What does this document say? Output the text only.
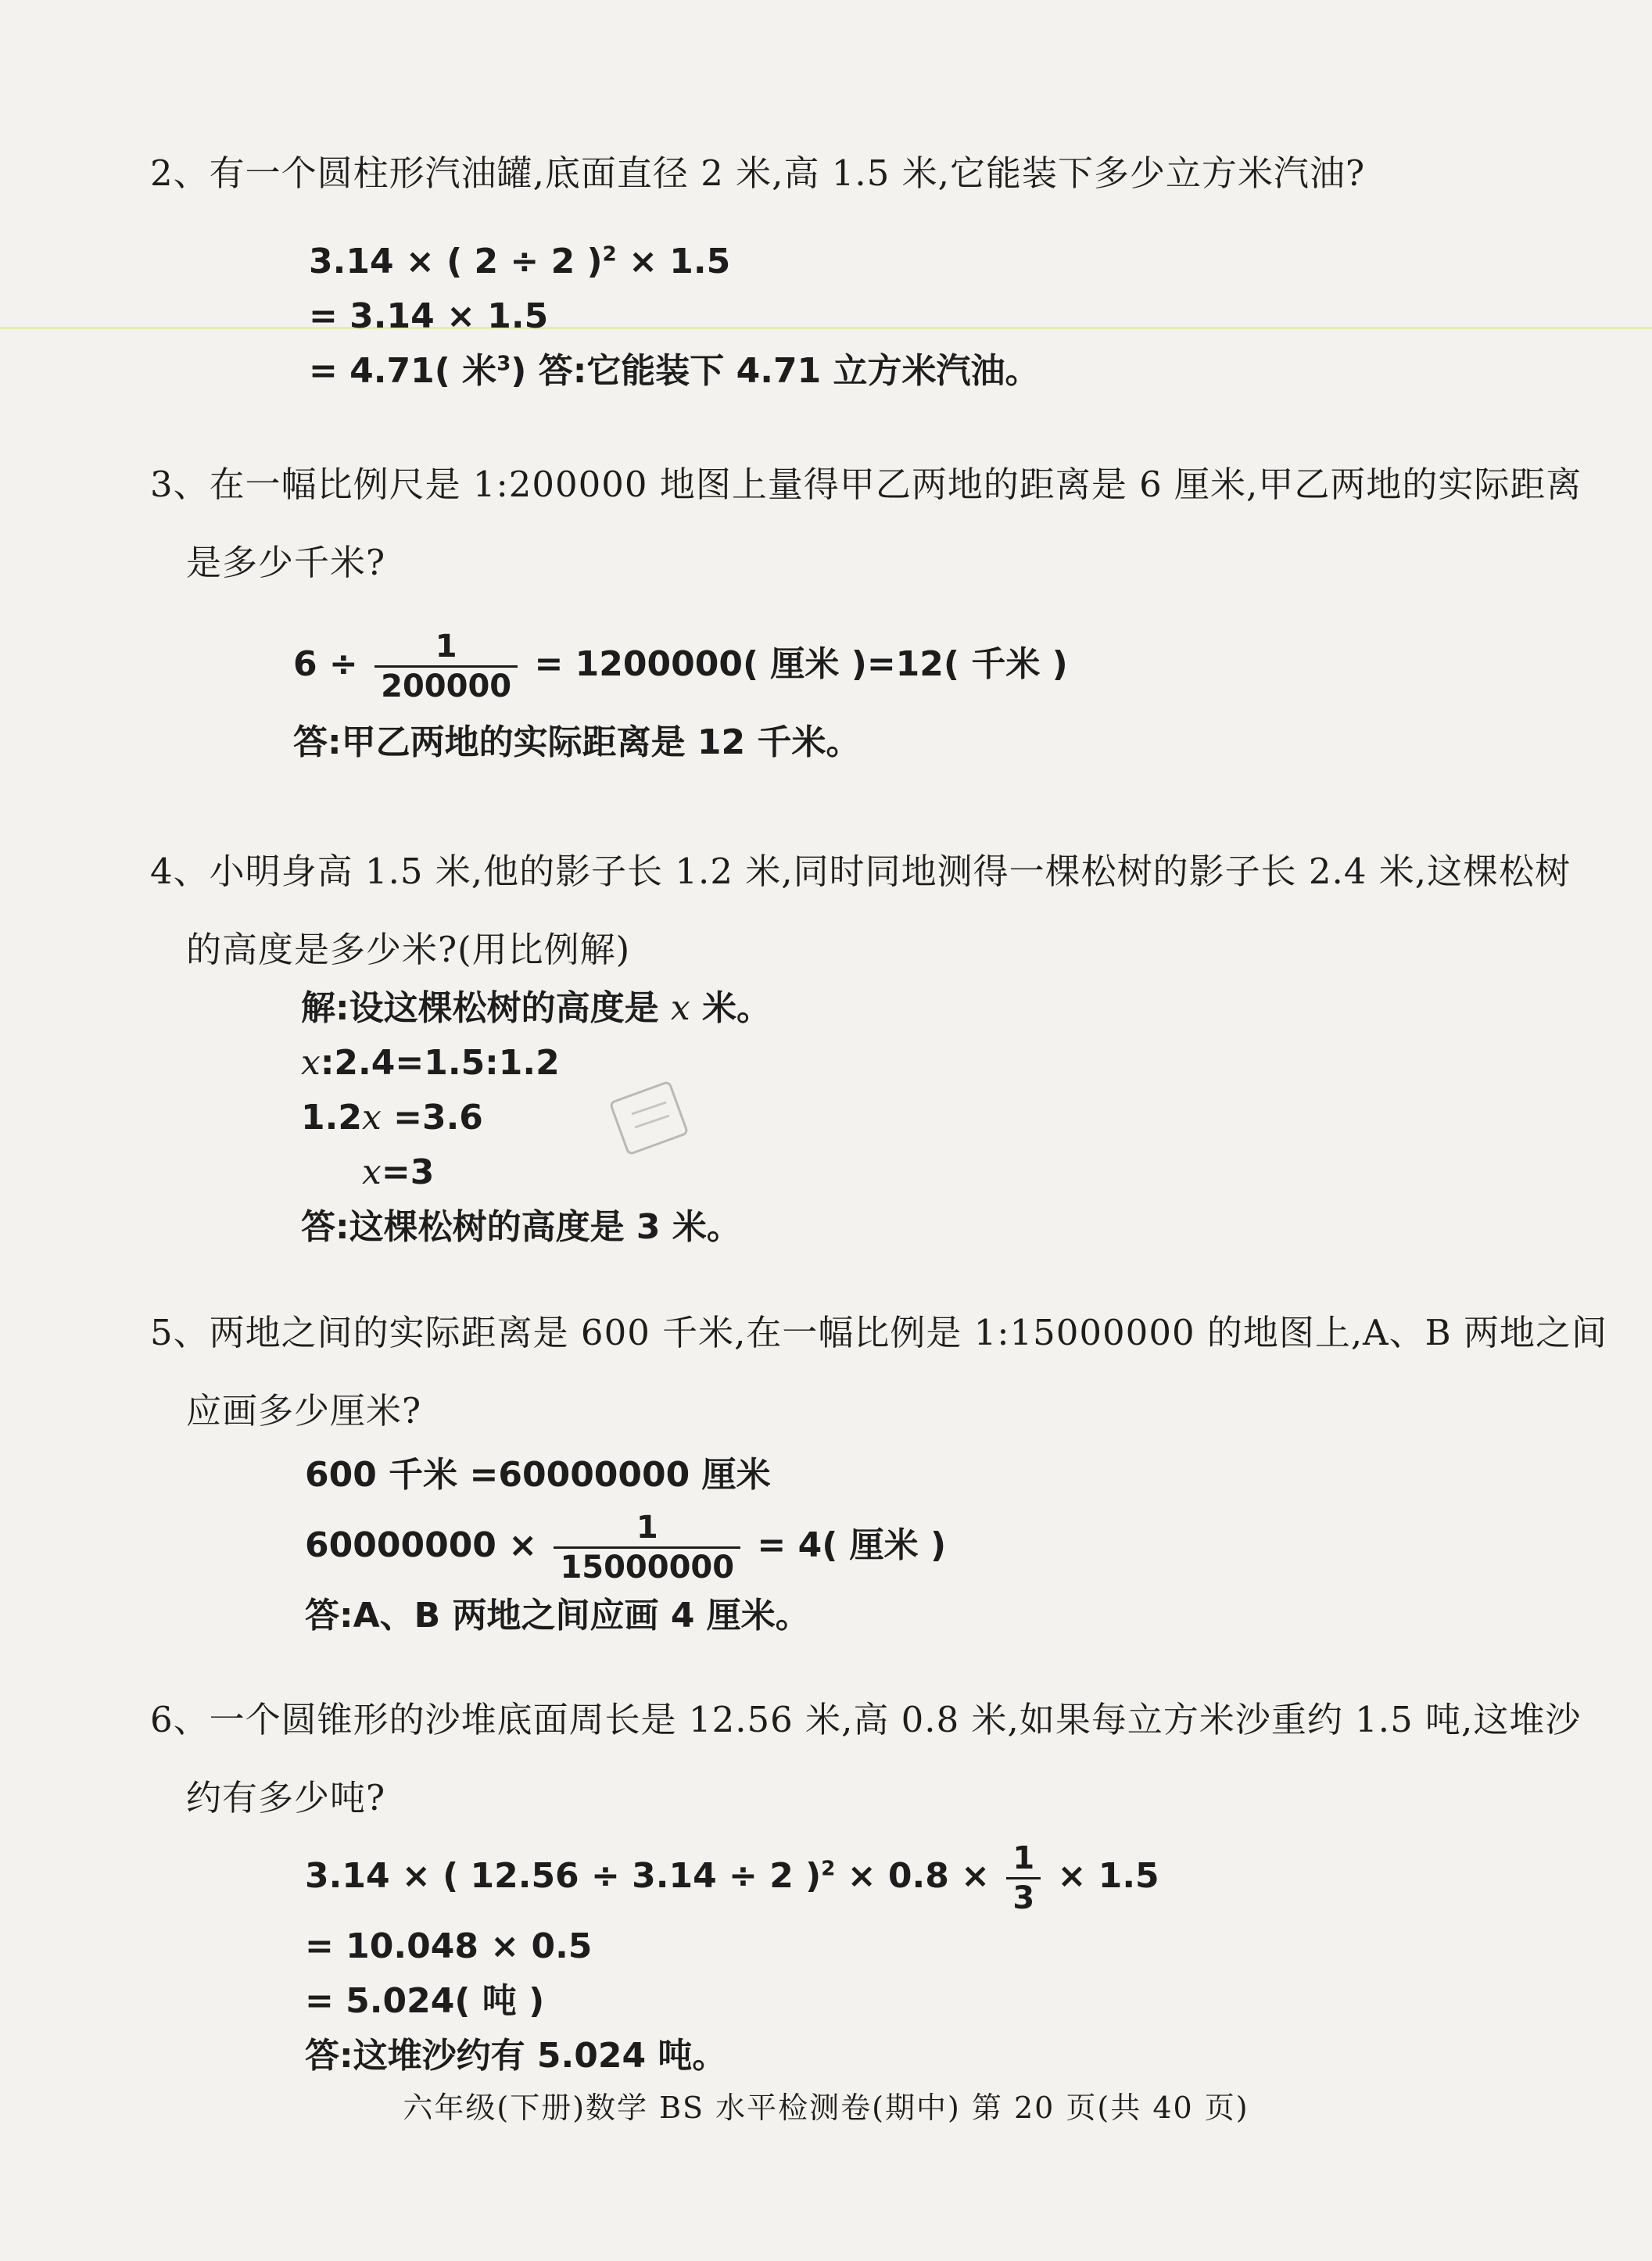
2、有一个圆柱形汽油罐,底面直径 2 米,高 1.5 米,它能装下多少立方米汽油?
3.14 × ( 2 ÷ 2 )$^2$ × 1.5
= 3.14 × 1.5
= 4.71( 米$^3$) 答:它能装下 4.71 立方米汽油。
3、在一幅比例尺是 1:200000 地图上量得甲乙两地的距离是 6 厘米,甲乙两地的实际距离
是多少千米?
$6 \div \frac{1}{200000} = 1200000$( 厘米 )=12( 千米 )
答:甲乙两地的实际距离是 12 千米。
4、小明身高 1.5 米,他的影子长 1.2 米,同时同地测得一棵松树的影子长 2.4 米,这棵松树
的高度是多少米?(用比例解)
解:设这棵松树的高度是 x 米。
x:2.4=1.5:1.2
1.2x =3.6
x=3
答:这棵松树的高度是 3 米。
5、两地之间的实际距离是 600 千米,在一幅比例是 1:15000000 的地图上,A、B 两地之间
应画多少厘米?
600 千米 =60000000 厘米
$60000000 \times \frac{1}{15000000} = 4$( 厘米 )
答:A、B 两地之间应画 4 厘米。
6、一个圆锥形的沙堆底面周长是 12.56 米,高 0.8 米,如果每立方米沙重约 1.5 吨,这堆沙
约有多少吨?
3.14 × ( 12.56 ÷ 3.14 ÷ 2 )$^2 \times 0.8 \times \frac{1}{3} \times 1.5$
= 10.048 × 0.5
= 5.024( 吨 )
答:这堆沙约有 5.024 吨。
六年级(下册)数学 BS 水平检测卷(期中) 第 20 页(共 40 页)
